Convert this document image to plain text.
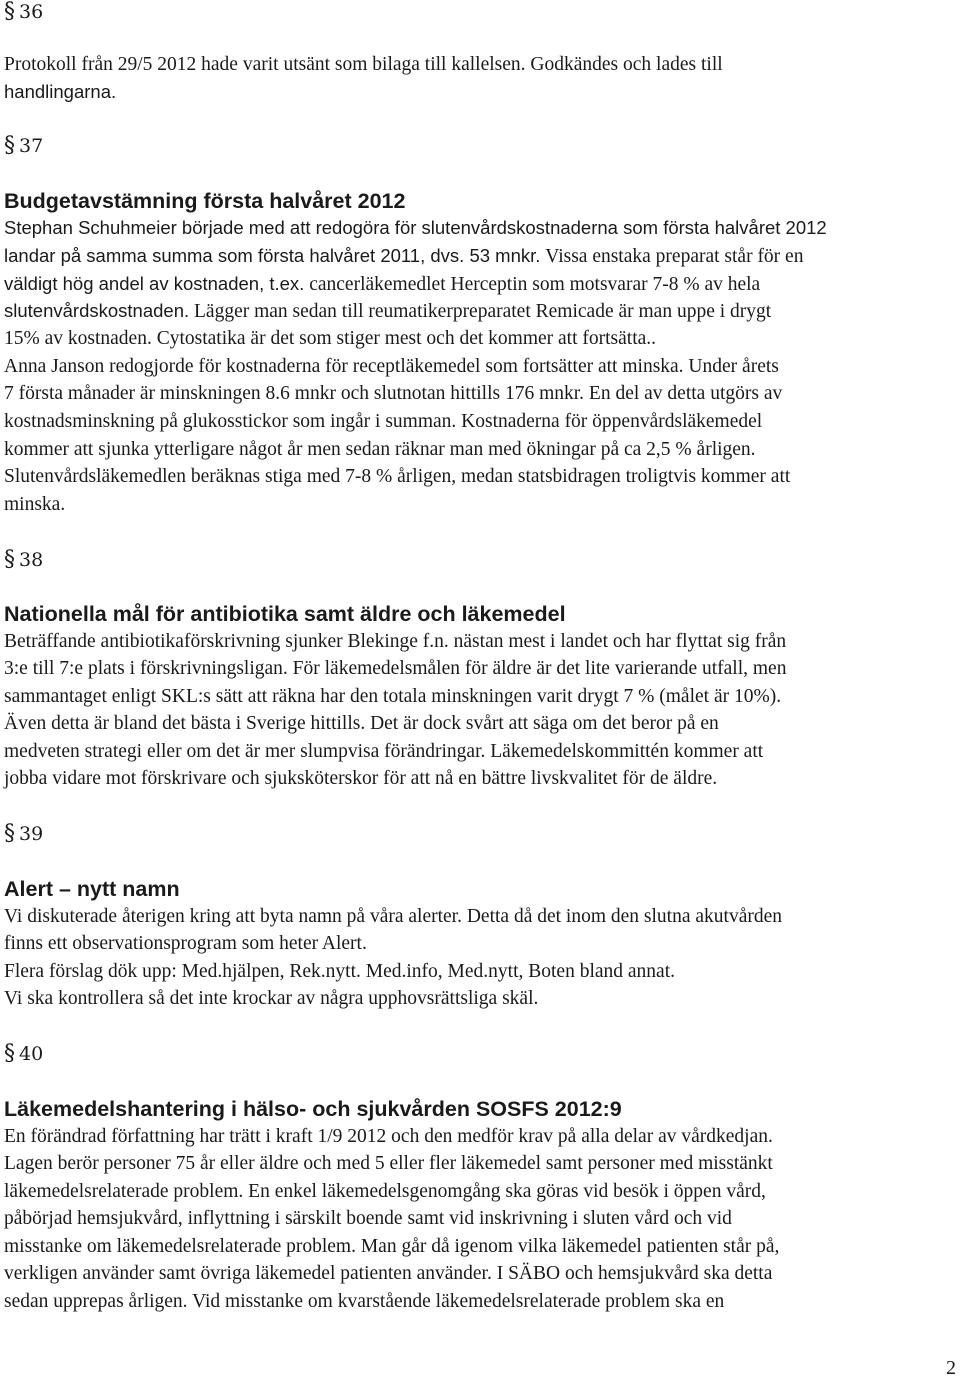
§ 36
Protokoll från 29/5 2012 hade varit utsänt som bilaga till kallelsen. Godkändes och lades till
handlingarna.
§ 37
Budgetavstämning första halvåret 2012
Stephan Schuhmeier började med att redogöra för slutenvårdskostnaderna som första halvåret 2012
landar på samma summa som första halvåret 2011, dvs. 53 mnkr. Vissa enstaka preparat står för en
väldigt hög andel av kostnaden, t.ex. cancerläkemedlet Herceptin som motsvarar 7-8 % av hela
slutenvårdskostnaden. Lägger man sedan till reumatikerpreparatet Remicade är man uppe i drygt
15% av kostnaden. Cytostatika är det som stiger mest och det kommer att fortsätta..
Anna Janson redogjorde för kostnaderna för receptläkemedel som fortsätter att minska. Under årets
7 första månader är minskningen 8.6 mnkr och slutnotan hittills 176 mnkr. En del av detta utgörs av
kostnadsminskning på glukosstickor som ingår i summan. Kostnaderna för öppenvårdsläkemedel
kommer att sjunka ytterligare något år men sedan räknar man med ökningar på ca 2,5 % årligen.
Slutenvårdsläkemedlen beräknas stiga med 7-8 % årligen, medan statsbidragen troligtvis kommer att
minska.
§ 38
Nationella mål för antibiotika samt äldre och läkemedel
Beträffande antibiotikaförskrivning sjunker Blekinge f.n. nästan mest i landet och har flyttat sig från
3:e till 7:e plats i förskrivningsligan. För läkemedelsmålen för äldre är det lite varierande utfall, men
sammantaget enligt SKL:s sätt att räkna har den totala minskningen varit drygt 7 % (målet är 10%).
Även detta är bland det bästa i Sverige hittills. Det är dock svårt att säga om det beror på en
medveten strategi eller om det är mer slumpvisa förändringar. Läkemedelskommittén kommer att
jobba vidare mot förskrivare och sjuksköterskor för att nå en bättre livskvalitet för de äldre.
§ 39
Alert – nytt namn
Vi diskuterade återigen kring att byta namn på våra alerter. Detta då det inom den slutna akutvården
finns ett observationsprogram som heter Alert.
Flera förslag dök upp: Med.hjälpen, Rek.nytt. Med.info, Med.nytt, Boten bland annat.
Vi ska kontrollera så det inte krockar av några upphovsrättsliga skäl.
§ 40
Läkemedelshantering i hälso- och sjukvården SOSFS 2012:9
En förändrad författning har trätt i kraft 1/9 2012 och den medför krav på alla delar av vårdkedjan.
Lagen berör personer 75 år eller äldre och med 5 eller fler läkemedel samt personer med misstänkt
läkemedelsrelaterade problem. En enkel läkemedelsgenomgång ska göras vid besök i öppen vård,
påbörjad hemsjukvård, inflyttning i särskilt boende samt vid inskrivning i sluten vård och vid
misstanke om läkemedelsrelaterade problem. Man går då igenom vilka läkemedel patienten står på,
verkligen använder samt övriga läkemedel patienten använder. I SÄBO och hemsjukvård ska detta
sedan upprepas årligen. Vid misstanke om kvarstående läkemedelsrelaterade problem ska en
2
